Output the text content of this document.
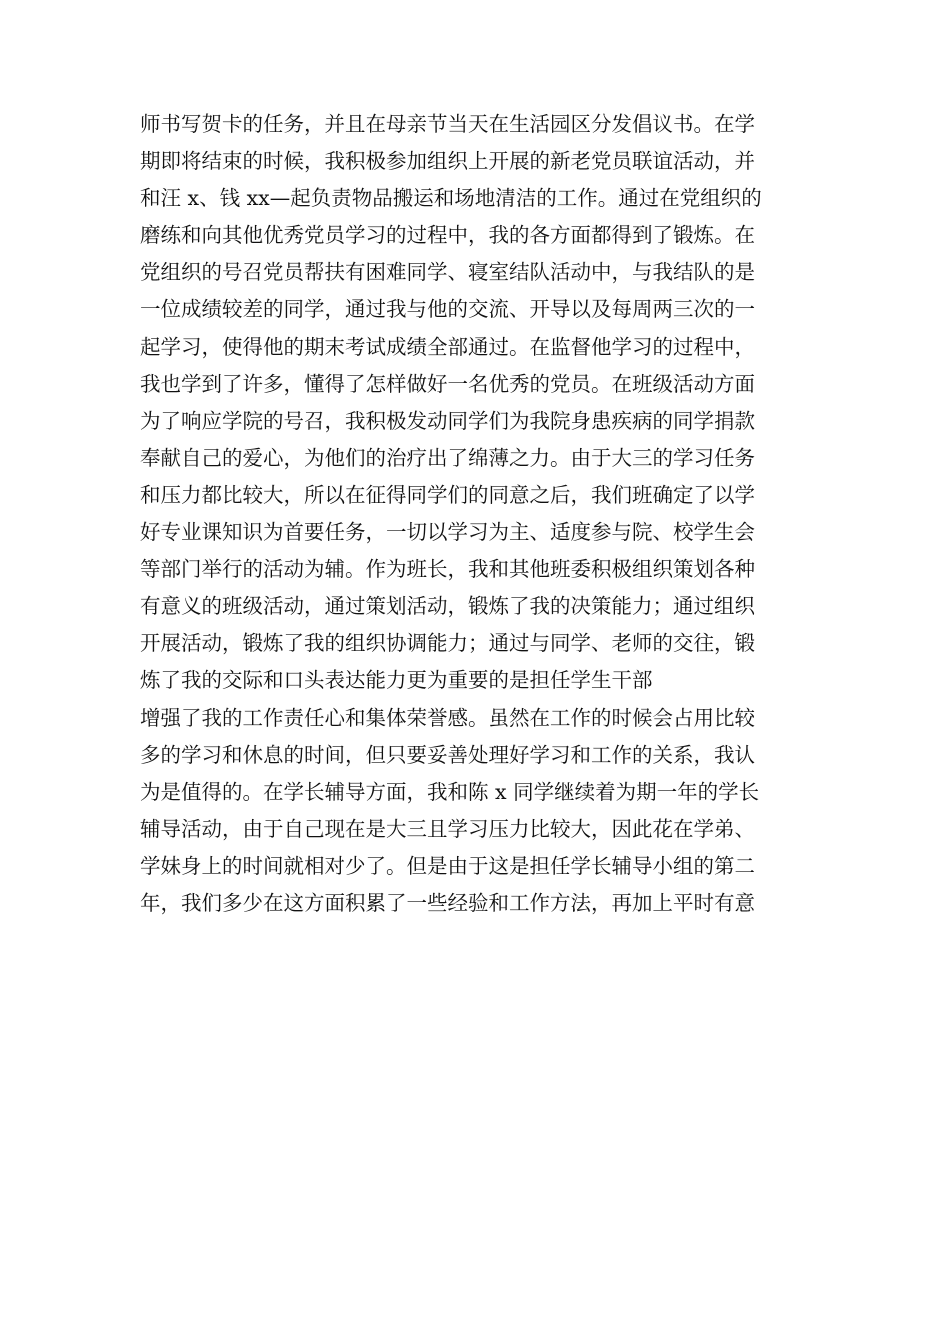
师书写贺卡的任务，并且在母亲节当天在生活园区分发倡议书。在学
期即将结束的时候，我积极参加组织上开展的新老党员联谊活动，并
和汪 x、钱 xx—起负责物品搬运和场地清洁的工作。通过在党组织的
磨练和向其他优秀党员学习的过程中，我的各方面都得到了锻炼。在
党组织的号召党员帮扶有困难同学、寝室结队活动中，与我结队的是
一位成绩较差的同学，通过我与他的交流、开导以及每周两三次的一
起学习，使得他的期末考试成绩全部通过。在监督他学习的过程中，
我也学到了许多，懂得了怎样做好一名优秀的党员。在班级活动方面
为了响应学院的号召，我积极发动同学们为我院身患疾病的同学捐款
奉献自己的爱心，为他们的治疗出了绵薄之力。由于大三的学习任务
和压力都比较大，所以在征得同学们的同意之后，我们班确定了以学
好专业课知识为首要任务，一切以学习为主、适度参与院、校学生会
等部门举行的活动为辅。作为班长，我和其他班委积极组织策划各种
有意义的班级活动，通过策划活动，锻炼了我的决策能力；通过组织
开展活动，锻炼了我的组织协调能力；通过与同学、老师的交往，锻
炼了我的交际和口头表达能力更为重要的是担任学生干部
增强了我的工作责任心和集体荣誉感。虽然在工作的时候会占用比较
多的学习和休息的时间，但只要妥善处理好学习和工作的关系，我认
为是值得的。在学长辅导方面，我和陈 x 同学继续着为期一年的学长
辅导活动，由于自己现在是大三且学习压力比较大，因此花在学弟、
学妹身上的时间就相对少了。但是由于这是担任学长辅导小组的第二
年，我们多少在这方面积累了一些经验和工作方法，再加上平时有意
